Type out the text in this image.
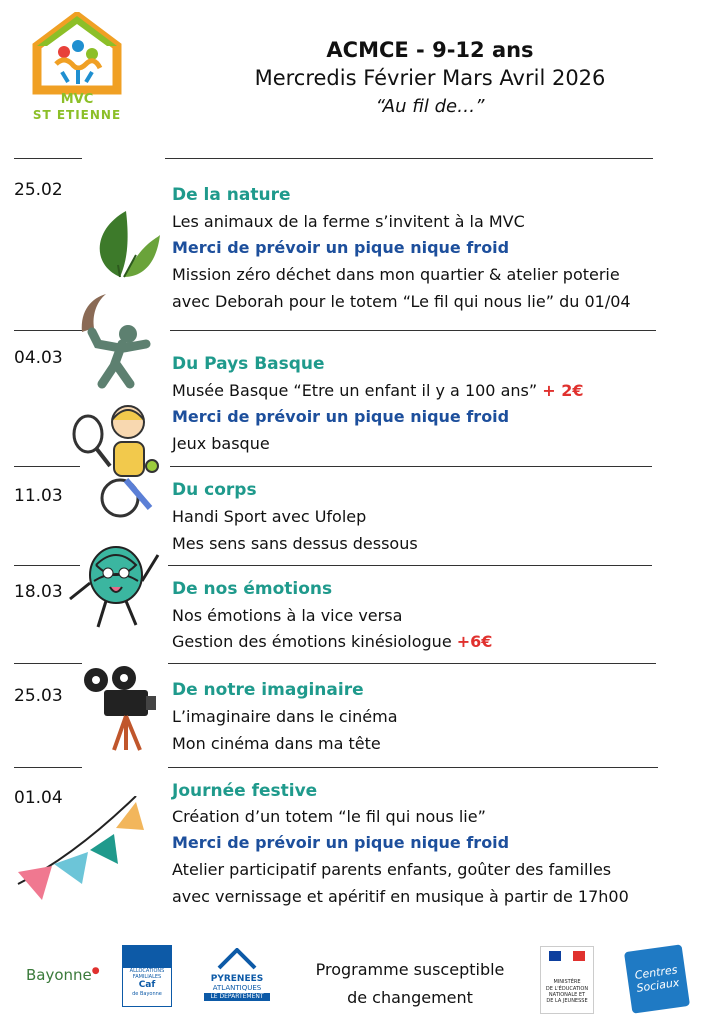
MVC
ST ETIENNE
ACMCE - 9-12 ans
Mercredis Février Mars Avril 2026
“Au fil de…”
25.02	De la nature
Les animaux de la ferme s’invitent à la MVC
Merci de prévoir un pique nique froid
Mission zéro déchet dans mon quartier & atelier poterie
avec Deborah pour le totem “Le fil qui nous lie” du 01/04
04.03	Du Pays Basque
Musée Basque “Etre un enfant il y a 100 ans” + 2€
Merci de prévoir un pique nique froid
Jeux basque
11.03	Du corps
Handi Sport avec Ufolep
Mes sens sans dessus dessous
18.03	De nos émotions
Nos émotions à la vice versa
Gestion des émotions kinésiologue +6€
25.03	De notre imaginaire
L’imaginaire dans le cinéma
Mon cinéma dans ma tête
01.04	Journée festive
Création d’un totem “le fil qui nous lie”
Merci de prévoir un pique nique froid
Atelier participatif parents enfants, goûter des familles
avec vernissage et apéritif en musique à partir de 17h00
Bayonne●	ALLOCATIONS
FAMILIALES
Caf
de Bayonne
PYRENEES
ATLANTIQUES
LE DÉPARTEMENT
Programme susceptible
de changement
MINISTÈRE
DE L'ÉDUCATION
NATIONALE ET
DE LA JEUNESSE
Centres Sociaux
